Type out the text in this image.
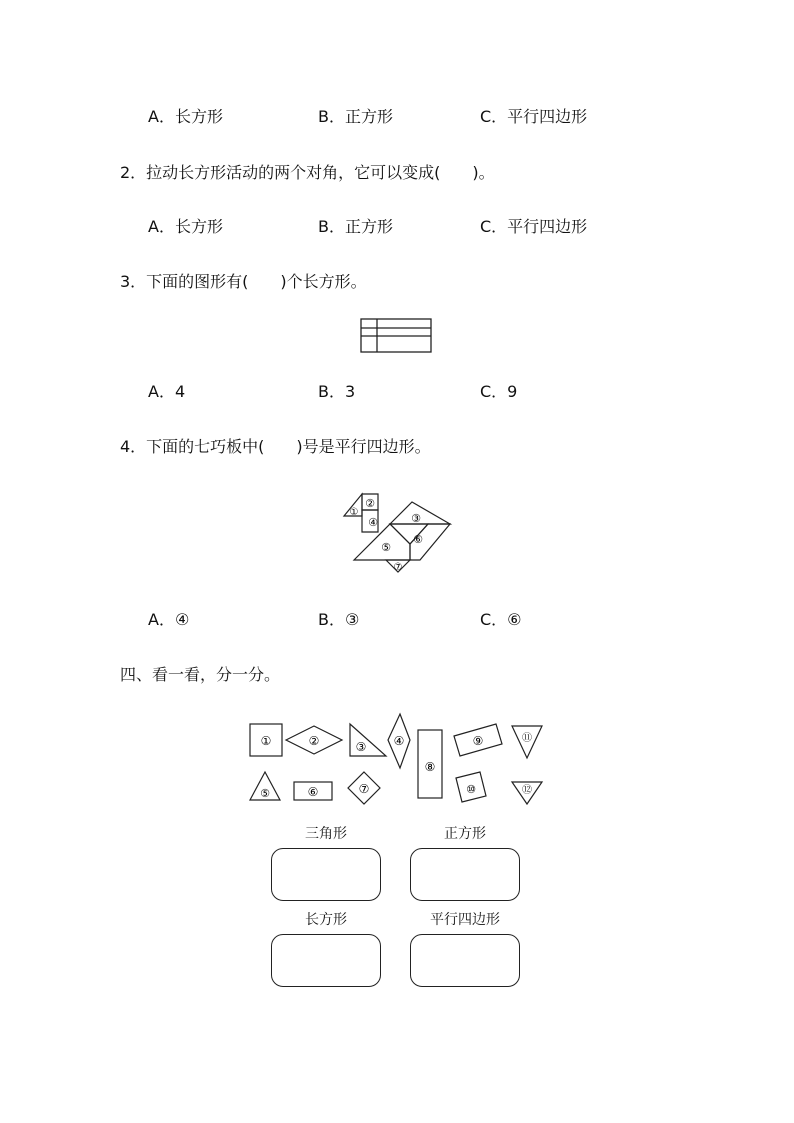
A．长方形	B．正方形	C．平行四边形
2．拉动长方形活动的两个对角，它可以变成(　　)。
A．长方形	B．正方形	C．平行四边形
3．下面的图形有(　　)个长方形。
A．4	B．3	C．9
4．下面的七巧板中(　　)号是平行四边形。
①
②
④	③
⑥
⑤
⑦
A．④	B．③	C．⑥
四、看一看，分一分。
①	②	③ ④
⑧
⑨	⑪
⑤	⑥	⑦	⑩	⑫
三角形	正方形
长方形	平行四边形
